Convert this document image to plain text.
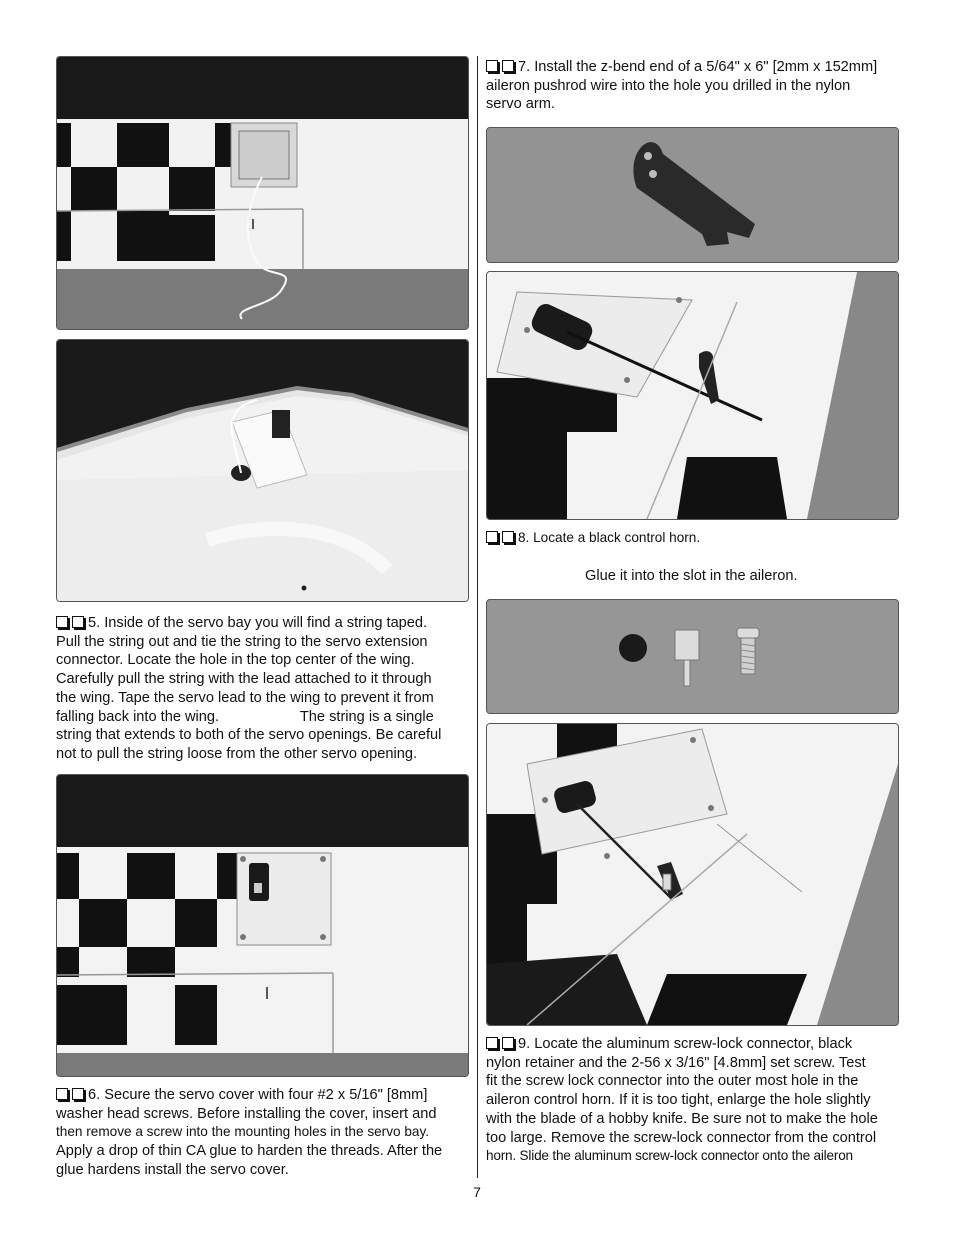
5. Inside of the servo bay you will find a string taped.
Pull the string out and tie the string to the servo extension
connector. Locate the hole in the top center of the wing.
Carefully pull the string with the lead attached to it through
the wing. Tape the servo lead to the wing to prevent it from
falling back into the wing.                    The string is a single
string that extends to both of the servo openings. Be careful
not to pull the string loose from the other servo opening.
6. Secure the servo cover with four #2 x 5/16" [8mm]
washer head screws. Before installing the cover, insert and
then remove a screw into the mounting holes in the servo bay.
Apply a drop of thin CA glue to harden the threads. After the
glue hardens install the servo cover.
7. Install the z-bend end of a 5/64" x 6" [2mm x 152mm]
aileron pushrod wire into the hole you drilled in the nylon
servo arm.
8. Locate a black control horn.
Glue it into the slot in the aileron.
9. Locate the aluminum screw-lock connector, black
nylon retainer and the 2-56 x 3/16" [4.8mm] set screw. Test
fit the screw lock connector into the outer most hole in the
aileron control horn. If it is too tight, enlarge the hole slightly
with the blade of a hobby knife. Be sure not to make the hole
too large. Remove the screw-lock connector from the control
horn. Slide the aluminum screw-lock connector onto the aileron
7
